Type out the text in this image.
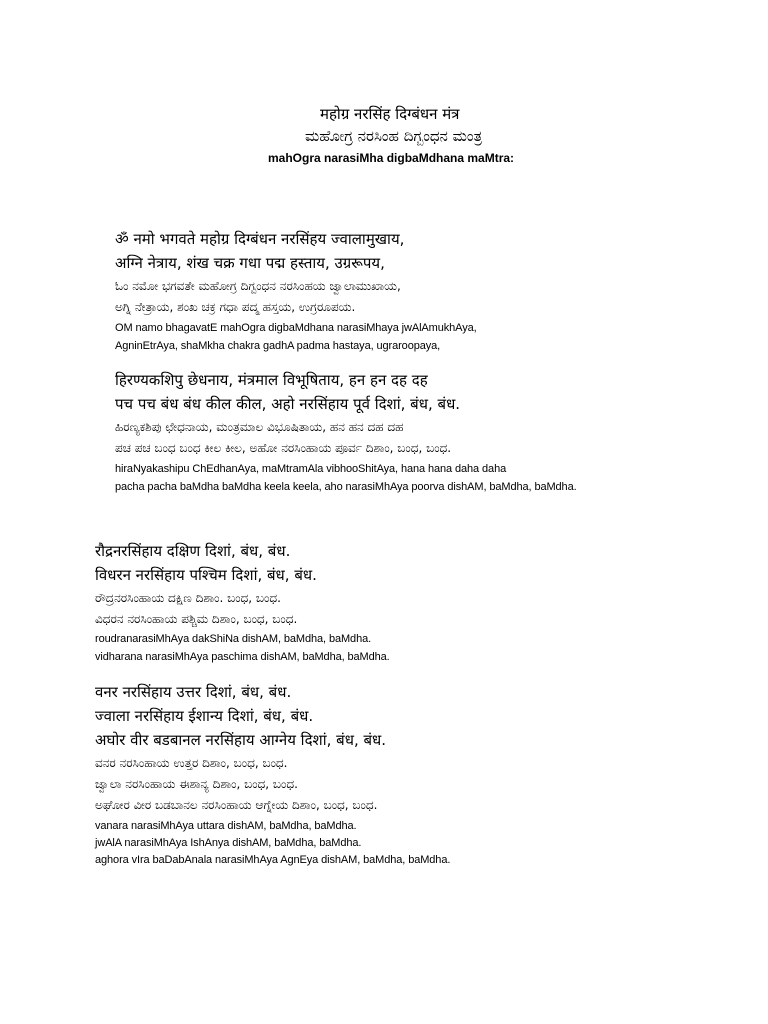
महोग्र नरसिंह दिग्बंधन मंत्र
ಮಹೋಗ್ರ ನರಸಿಂಹ ದಿಗ್ಬಂಧನ ಮಂತ್ರ
mahOgra narasiMha digbaMdhana maMtra:
ॐ नमो भगवते महोग्र दिग्बंधन नरसिंहय ज्वालामुखाय,
अग्नि नेत्राय, शंख चक्र गधा पद्म हस्ताय, उग्ररूपय,
ಓಂ ನಮೋ ಭಗವತೇ ಮಹೋಗ್ರ ದಿಗ್ಬಂಧನ ನರಸಿಂಹಯ ಜ್ವಾಲಾಮುಖಾಯ,
ಅಗ್ನಿ ನೇತ್ರಾಯ, ಶಂಖ ಚಕ್ರ ಗಧಾ ಪದ್ಮ ಹಸ್ತಯ, ಉಗ್ರರೂಪಯ.
OM namo bhagavatE mahOgra digbaMdhana narasiMhaya jwAlAmukhAya,
AgninEtrAya, shaMkha chakra gadhA padma hastaya, ugraroopaya,
हिरण्यकशिपु छेधनाय, मंत्रमाल विभूषिताय, हन हन दह दह
पच पच बंध बंध कील कील, अहो नरसिंहाय पूर्व दिशां, बंध, बंध.
ಹಿರಣ್ಯಕಶಿಪು ಛೇಧನಾಯ, ಮಂತ್ರಮಾಲ ವಿಭೂಷಿತಾಯ, ಹನ ಹನ ದಹ ದಹ
ಪಚ ಪಚ ಬಂಧ ಬಂಧ ಕೀಲ ಕೀಲ, ಅಹೋ ನರಸಿಂಹಾಯ ಪೂರ್ವ ದಿಶಾಂ, ಬಂಧ, ಬಂಧ.
hiraNyakashipu ChEdhanAya, maMtramAla vibhooShitAya, hana hana daha daha
pacha pacha baMdha baMdha keela keela, aho narasiMhAya poorva dishAM, baMdha, baMdha.
रौद्रनरसिंहाय दक्षिण दिशां, बंध, बंध.
विधरन नरसिंहाय पश्चिम दिशां, बंध, बंध.
ರೌದ್ರನರಸಿಂಹಾಯ ದಕ್ಷಿಣ ದಿಶಾಂ. ಬಂಧ, ಬಂಧ.
ವಿಧರನ ನರಸಿಂಹಾಯ ಪಶ್ಚಿಮ ದಿಶಾಂ, ಬಂಧ, ಬಂಧ.
roudranarasiMhAya dakShiNa dishAM, baMdha, baMdha.
vidharana narasiMhAya paschima dishAM, baMdha, baMdha.
वनर नरसिंहाय उत्तर दिशां, बंध, बंध.
ज्वाला नरसिंहाय ईशान्य दिशां, बंध, बंध.
अघोर वीर बडबानल नरसिंहाय आग्नेय दिशां, बंध, बंध.
ವನರ ನರಸಿಂಹಾಯ ಉತ್ತರ ದಿಶಾಂ, ಬಂಧ, ಬಂಧ.
ಜ್ವಾಲಾ ನರಸಿಂಹಾಯ ಈಶಾನ್ಯ ದಿಶಾಂ, ಬಂಧ, ಬಂಧ.
ಅಘೋರ ವೀರ ಬಡಬಾನಲ ನರಸಿಂಹಾಯ ಆಗ್ನೇಯ ದಿಶಾಂ, ಬಂಧ, ಬಂಧ.
vanara narasiMhAya uttara dishAM, baMdha, baMdha.
jwAlA narasiMhAya IshAnya dishAM, baMdha, baMdha.
aghora vIra baDabAnala narasiMhAya AgnEya dishAM, baMdha, baMdha.
